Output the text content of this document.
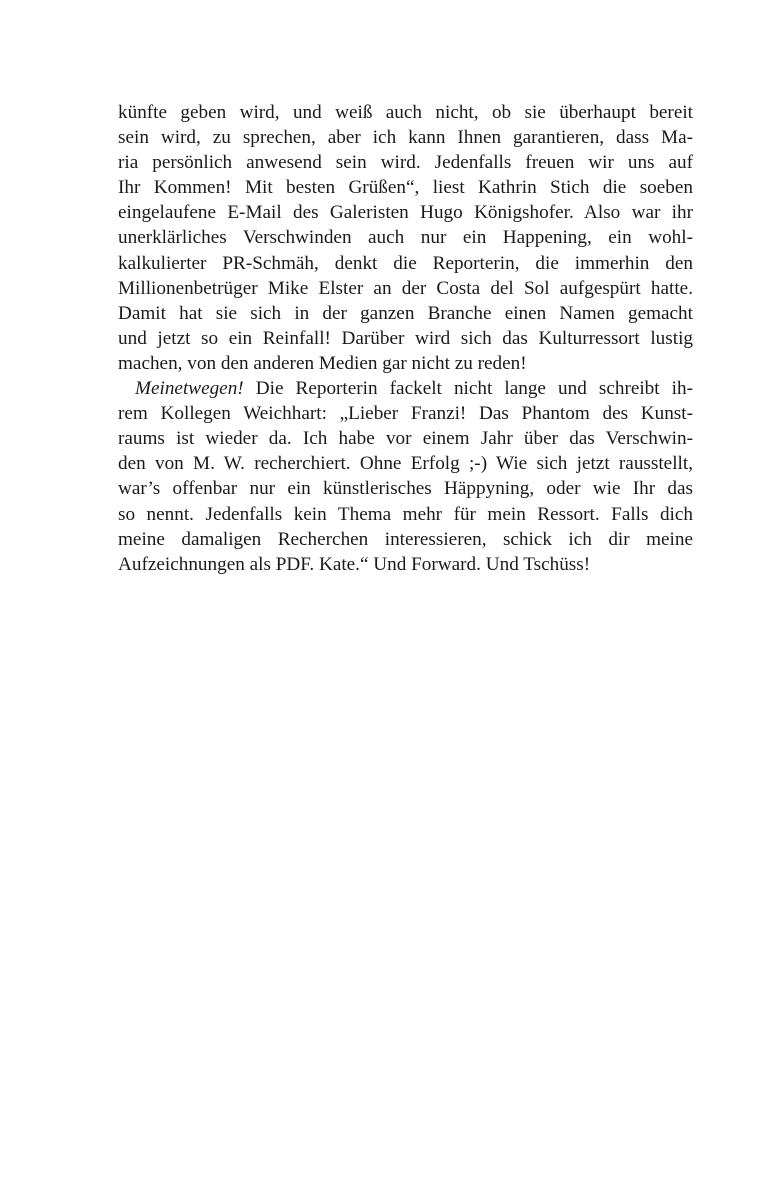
künfte geben wird, und weiß auch nicht, ob sie überhaupt bereit
sein wird, zu sprechen, aber ich kann Ihnen garantieren, dass Ma-
ria persönlich anwesend sein wird. Jedenfalls freuen wir uns auf
Ihr Kommen! Mit besten Grüßen“, liest Kathrin Stich die soeben
eingelaufene E-Mail des Galeristen Hugo Königshofer. Also war ihr
unerklärliches Verschwinden auch nur ein Happening, ein wohl-
kalkulierter PR-Schmäh, denkt die Reporterin, die immerhin den
Millionenbetrüger Mike Elster an der Costa del Sol aufgespürt hatte.
Damit hat sie sich in der ganzen Branche einen Namen gemacht
und jetzt so ein Reinfall! Darüber wird sich das Kulturressort lustig
machen, von den anderen Medien gar nicht zu reden!
Meinetwegen! Die Reporterin fackelt nicht lange und schreibt ih-
rem Kollegen Weichhart: „Lieber Franzi! Das Phantom des Kunst-
raums ist wieder da. Ich habe vor einem Jahr über das Verschwin-
den von M. W. recherchiert. Ohne Erfolg ;-) Wie sich jetzt rausstellt,
war’s offenbar nur ein künstlerisches Häppyning, oder wie Ihr das
so nennt. Jedenfalls kein Thema mehr für mein Ressort. Falls dich
meine damaligen Recherchen interessieren, schick ich dir meine
Aufzeichnungen als PDF. Kate.“ Und Forward. Und Tschüss!
